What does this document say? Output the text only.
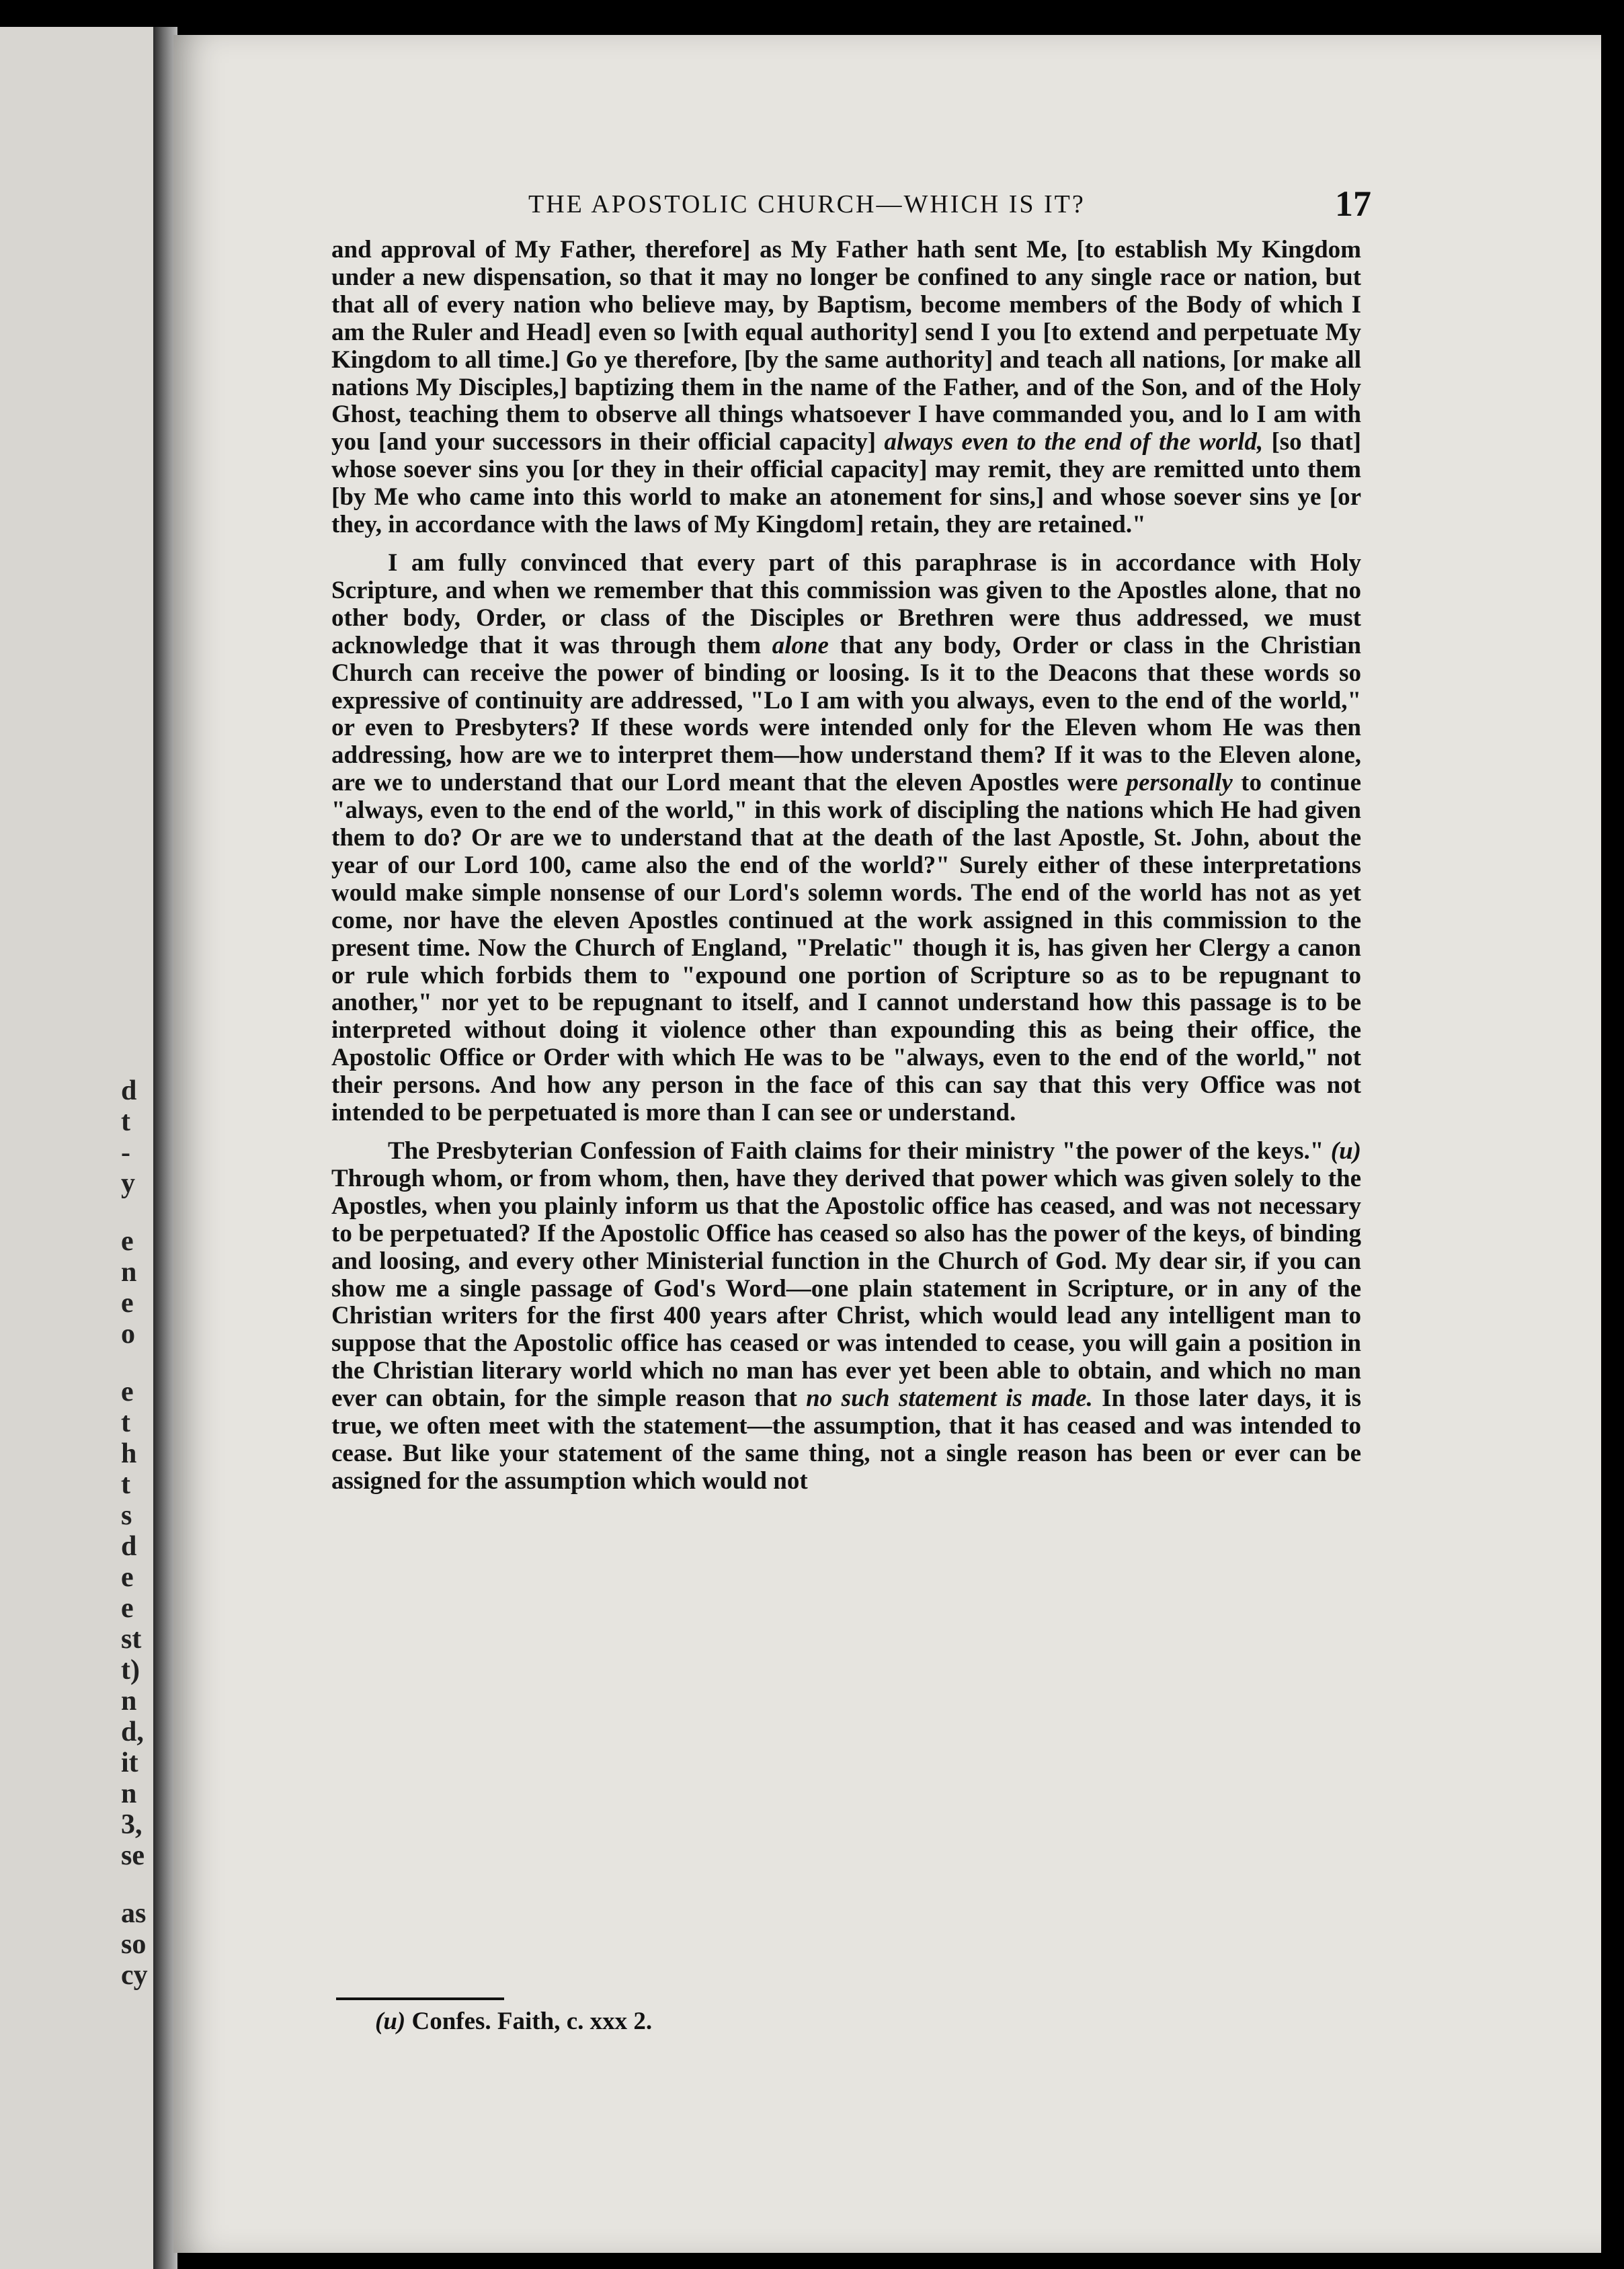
d
t
-
y
e
n
e
o
e
t
h
t
s
d
e
e
st
t)
n
d,
it
n
3,
se
as
so
cy
THE APOSTOLIC CHURCH—WHICH IS IT?	17

and approval of My Father, therefore] as My Father hath sent Me, [to establish My Kingdom under a new dispensation, so that it may no longer be confined to any single race or nation, but that all of every nation who believe may, by Baptism, become members of the Body of which I am the Ruler and Head] even so [with equal authority] send I you [to extend and perpetuate My Kingdom to all time.] Go ye therefore, [by the same authority] and teach all nations, [or make all nations My Disciples,] baptizing them in the name of the Father, and of the Son, and of the Holy Ghost, teaching them to observe all things whatsoever I have commanded you, and lo I am with you [and your successors in their official capacity] always even to the end of the world, [so that] whose soever sins you [or they in their official capacity] may remit, they are remitted unto them [by Me who came into this world to make an atonement for sins,] and whose soever sins ye [or they, in accordance with the laws of My Kingdom] retain, they are retained."

I am fully convinced that every part of this paraphrase is in accordance with Holy Scripture, and when we remember that this commission was given to the Apostles alone, that no other body, Order, or class of the Disciples or Brethren were thus addressed, we must acknowledge that it was through them alone that any body, Order or class in the Christian Church can receive the power of binding or loosing. Is it to the Deacons that these words so expressive of continuity are addressed, "Lo I am with you always, even to the end of the world," or even to Presbyters? If these words were intended only for the Eleven whom He was then addressing, how are we to interpret them—how understand them? If it was to the Eleven alone, are we to understand that our Lord meant that the eleven Apostles were personally to continue "always, even to the end of the world," in this work of discipling the nations which He had given them to do? Or are we to understand that at the death of the last Apostle, St. John, about the year of our Lord 100, came also the end of the world?" Surely either of these interpretations would make simple nonsense of our Lord's solemn words. The end of the world has not as yet come, nor have the eleven Apostles continued at the work assigned in this commission to the present time. Now the Church of England, "Prelatic" though it is, has given her Clergy a canon or rule which forbids them to "expound one portion of Scripture so as to be repugnant to another," nor yet to be repugnant to itself, and I cannot understand how this passage is to be interpreted without doing it violence other than expounding this as being their office, the Apostolic Office or Order with which He was to be "always, even to the end of the world," not their persons. And how any person in the face of this can say that this very Office was not intended to be perpetuated is more than I can see or understand.

The Presbyterian Confession of Faith claims for their ministry "the power of the keys." (u) Through whom, or from whom, then, have they derived that power which was given solely to the Apostles, when you plainly inform us that the Apostolic office has ceased, and was not necessary to be perpetuated? If the Apostolic Office has ceased so also has the power of the keys, of binding and loosing, and every other Ministerial function in the Church of God. My dear sir, if you can show me a single passage of God's Word—one plain statement in Scripture, or in any of the Christian writers for the first 400 years after Christ, which would lead any intelligent man to suppose that the Apostolic office has ceased or was intended to cease, you will gain a position in the Christian literary world which no man has ever yet been able to obtain, and which no man ever can obtain, for the simple reason that no such statement is made. In those later days, it is true, we often meet with the statement—the assumption, that it has ceased and was intended to cease. But like your statement of the same thing, not a single reason has been or ever can be assigned for the assumption which would not

(u) Confes. Faith, c. xxx 2.
